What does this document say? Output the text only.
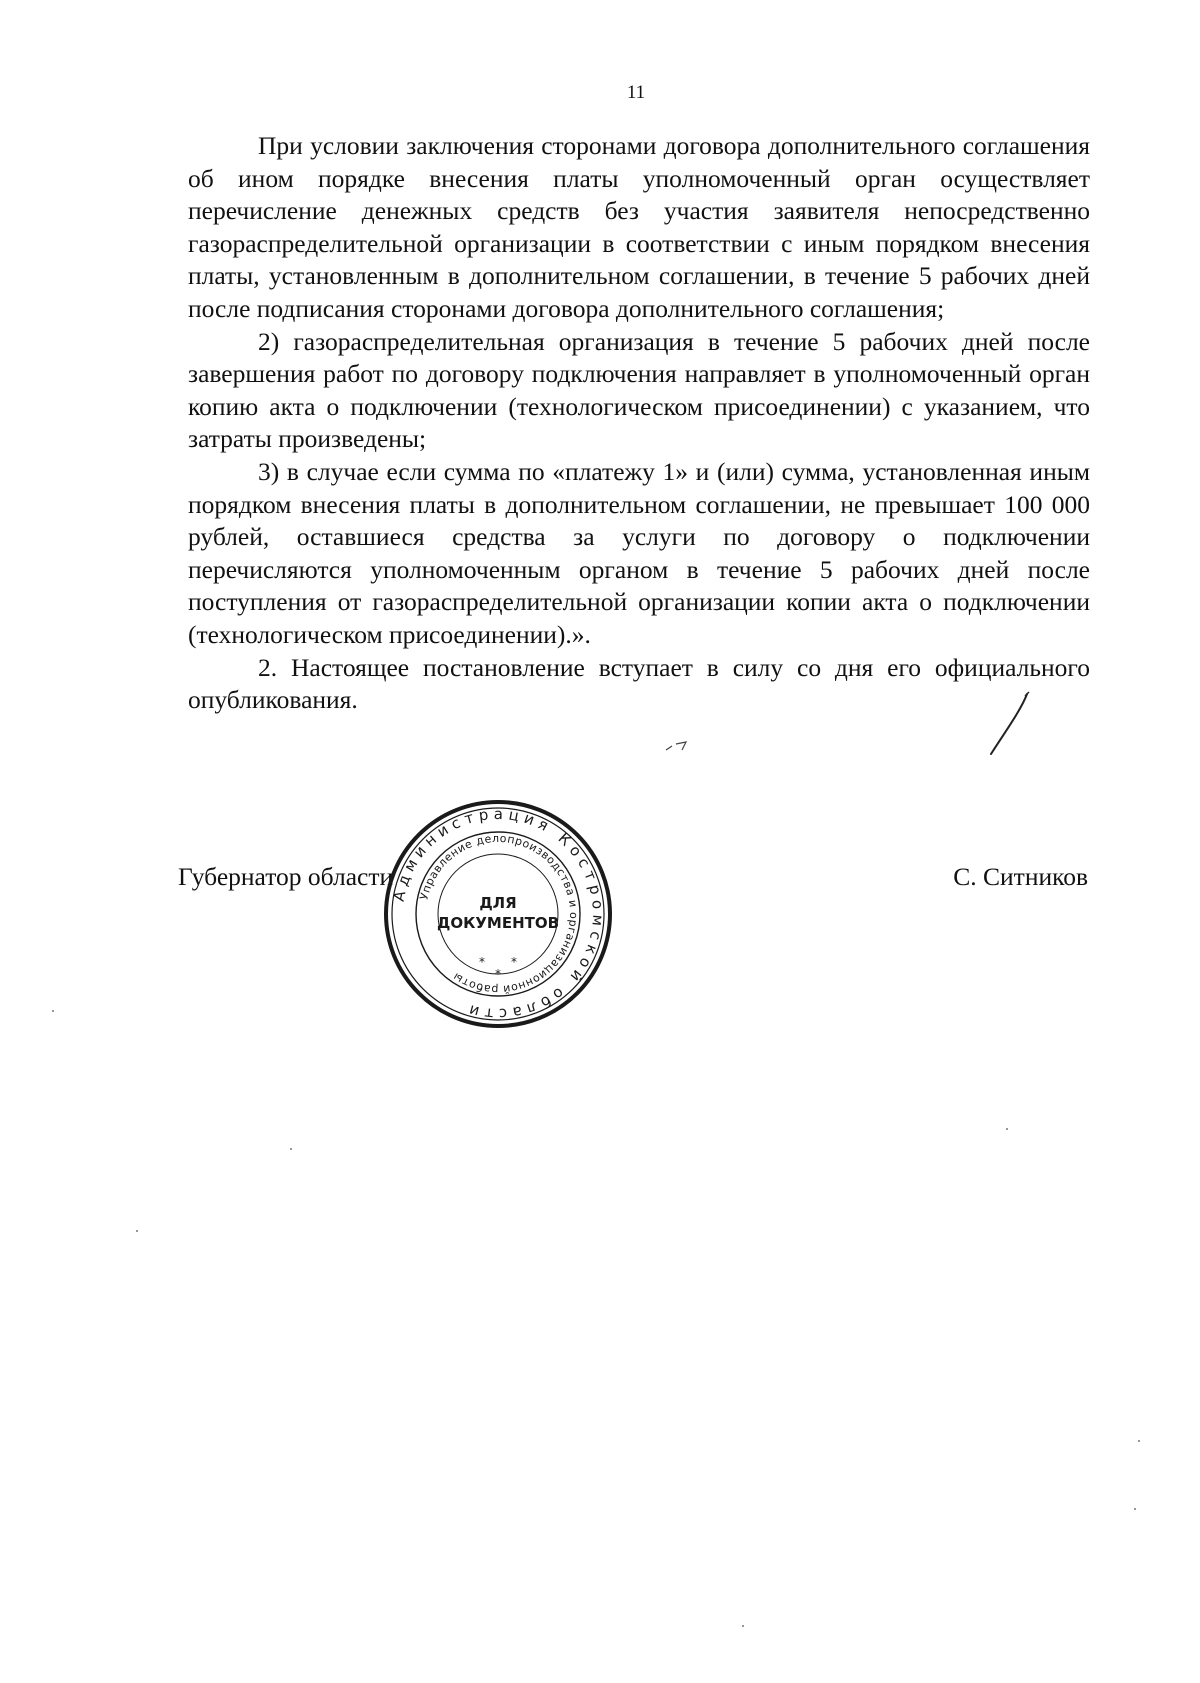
11

При условии заключения сторонами договора дополнительного соглашения об ином порядке внесения платы уполномоченный орган осуществляет перечисление денежных средств без участия заявителя непосредственно газораспределительной организации в соответствии с иным порядком внесения платы, установленным в дополнительном соглашении, в течение 5 рабочих дней после подписания сторонами договора дополнительного соглашения;

2) газораспределительная организация в течение 5 рабочих дней после завершения работ по договору подключения направляет в уполномоченный орган копию акта о подключении (технологическом присоединении) с указанием, что затраты произведены;

3) в случае если сумма по «платежу 1» и (или) сумма, установленная иным порядком внесения платы в дополнительном соглашении, не превышает 100 000 рублей, оставшиеся средства за услуги по договору о подключении перечисляются уполномоченным органом в течение 5 рабочих дней после поступления от газораспределительной организации копии акта о подключении (технологическом присоединении).».

2. Настоящее постановление вступает в силу со дня его официального опубликования.

Губернатор области	С. Ситников
Администрация Костромской области
Управление делопроизводства и организационной работы
ДЛЯ
ДОКУМЕНТОВ
* *
*
